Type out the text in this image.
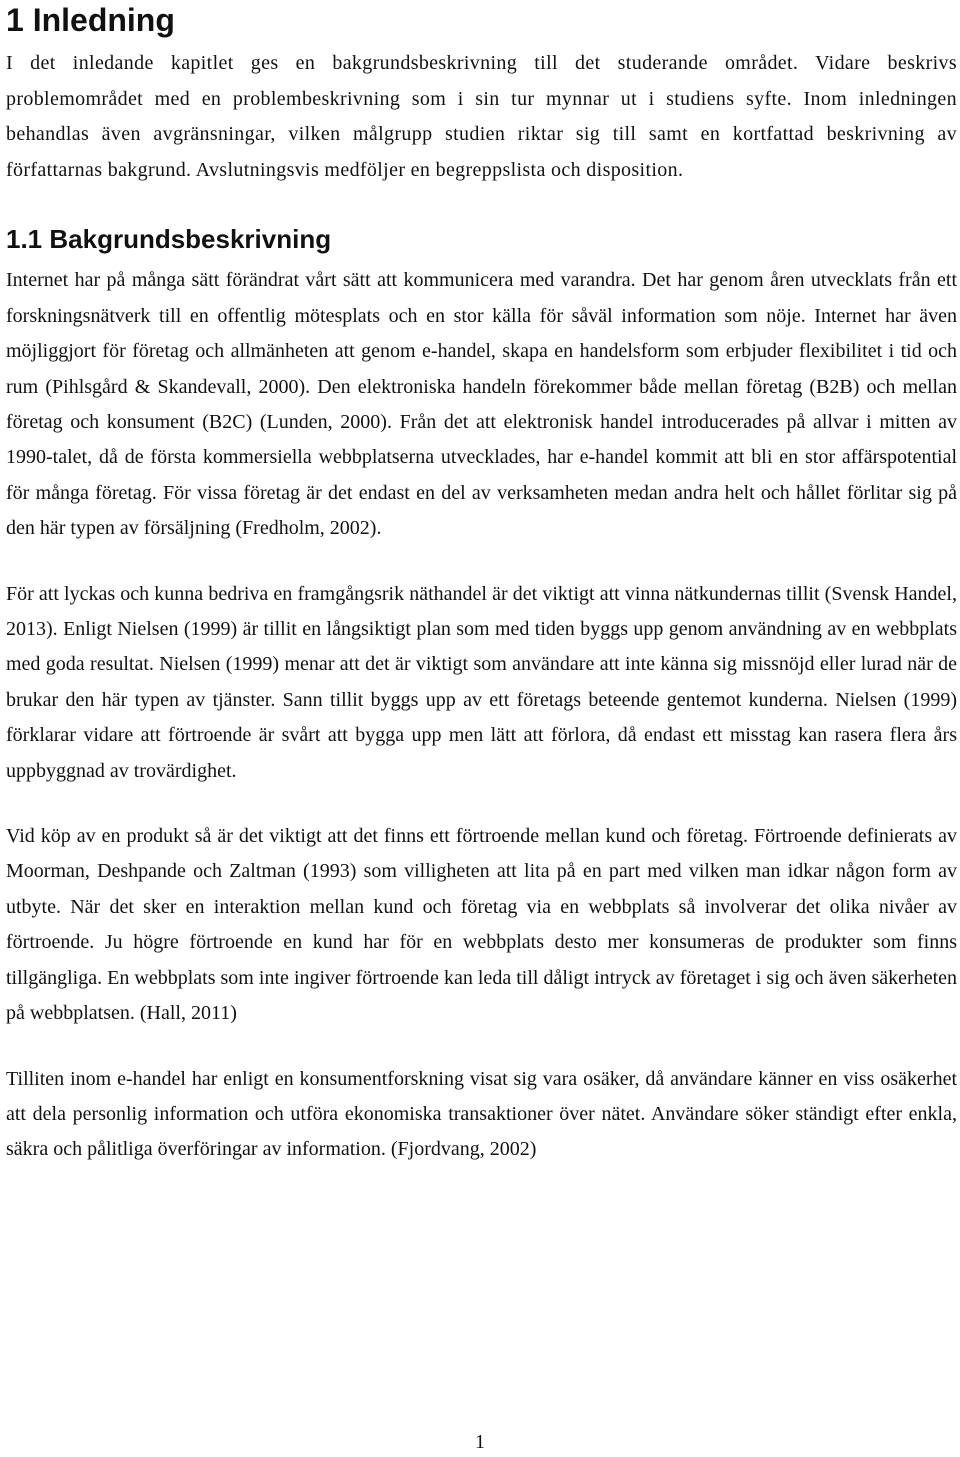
1 Inledning

I det inledande kapitlet ges en bakgrundsbeskrivning till det studerande området. Vidare beskrivs problemområdet med en problembeskrivning som i sin tur mynnar ut i studiens syfte. Inom inledningen behandlas även avgränsningar, vilken målgrupp studien riktar sig till samt en kortfattad beskrivning av författarnas bakgrund. Avslutningsvis medföljer en begreppslista och disposition.

1.1 Bakgrundsbeskrivning

Internet har på många sätt förändrat vårt sätt att kommunicera med varandra. Det har genom åren utvecklats från ett forskningsnätverk till en offentlig mötesplats och en stor källa för såväl information som nöje. Internet har även möjliggjort för företag och allmänheten att genom e-handel, skapa en handelsform som erbjuder flexibilitet i tid och rum (Pihlsgård & Skandevall, 2000). Den elektroniska handeln förekommer både mellan företag (B2B) och mellan företag och konsument (B2C) (Lunden, 2000). Från det att elektronisk handel introducerades på allvar i mitten av 1990-talet, då de första kommersiella webbplatserna utvecklades, har e-handel kommit att bli en stor affärspotential för många företag. För vissa företag är det endast en del av verksamheten medan andra helt och hållet förlitar sig på den här typen av försäljning (Fredholm, 2002).

För att lyckas och kunna bedriva en framgångsrik näthandel är det viktigt att vinna nätkundernas tillit (Svensk Handel, 2013). Enligt Nielsen (1999) är tillit en långsiktigt plan som med tiden byggs upp genom användning av en webbplats med goda resultat. Nielsen (1999) menar att det är viktigt som användare att inte känna sig missnöjd eller lurad när de brukar den här typen av tjänster. Sann tillit byggs upp av ett företags beteende gentemot kunderna. Nielsen (1999) förklarar vidare att förtroende är svårt att bygga upp men lätt att förlora, då endast ett misstag kan rasera flera års uppbyggnad av trovärdighet.

Vid köp av en produkt så är det viktigt att det finns ett förtroende mellan kund och företag. Förtroende definierats av Moorman, Deshpande och Zaltman (1993) som villigheten att lita på en part med vilken man idkar någon form av utbyte. När det sker en interaktion mellan kund och företag via en webbplats så involverar det olika nivåer av förtroende. Ju högre förtroende en kund har för en webbplats desto mer konsumeras de produkter som finns tillgängliga. En webbplats som inte ingiver förtroende kan leda till dåligt intryck av företaget i sig och även säkerheten på webbplatsen. (Hall, 2011)

Tilliten inom e-handel har enligt en konsumentforskning visat sig vara osäker, då användare känner en viss osäkerhet att dela personlig information och utföra ekonomiska transaktioner över nätet. Användare söker ständigt efter enkla, säkra och pålitliga överföringar av information. (Fjordvang, 2002)

1
